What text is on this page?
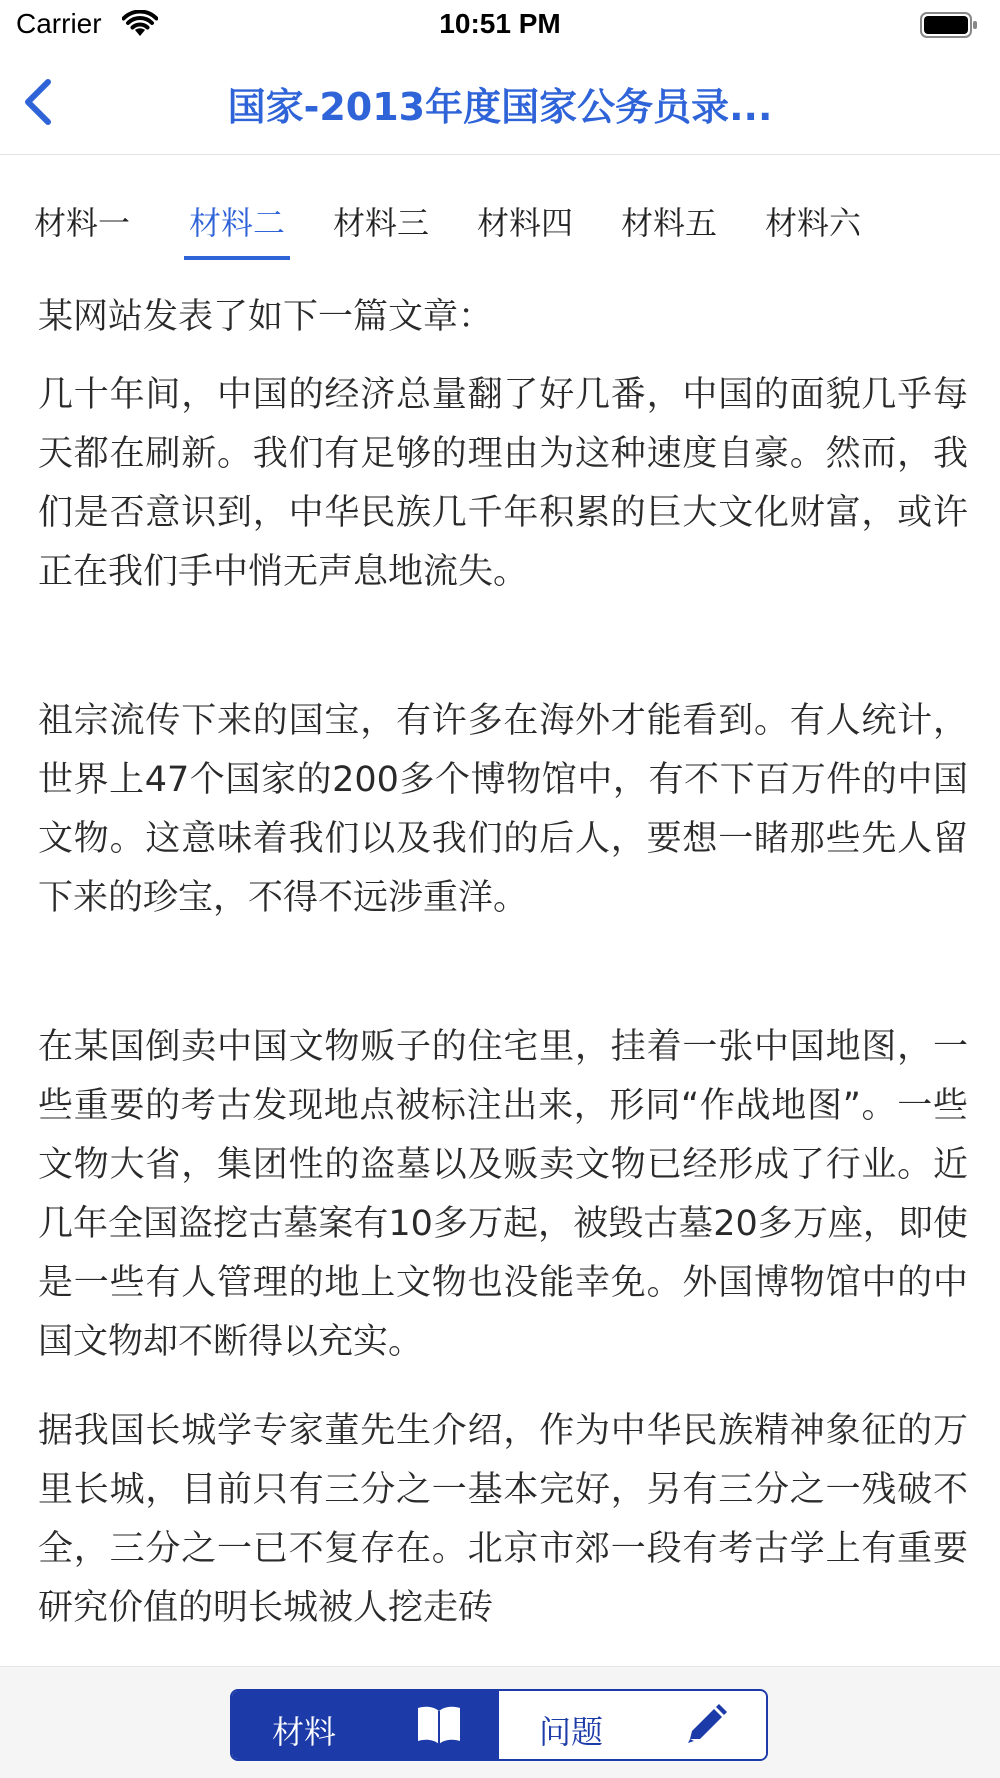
Carrier	10:51 PM
国家-2013年度国家公务员录...
材料一	材料二	材料三	材料四	材料五	材料六

某网站发表了如下一篇文章：

几十年间，中国的经济总量翻了好几番，中国的面貌几乎每天都在刷新。我们有足够的理由为这种速度自豪。然而，我们是否意识到，中华民族几千年积累的巨大文化财富，或许正在我们手中悄无声息地流失。

祖宗流传下来的国宝，有许多在海外才能看到。有人统计，世界上47个国家的200多个博物馆中，有不下百万件的中国文物。这意味着我们以及我们的后人，要想一睹那些先人留下来的珍宝，不得不远涉重洋。

在某国倒卖中国文物贩子的住宅里，挂着一张中国地图，一些重要的考古发现地点被标注出来，形同“作战地图”。一些文物大省，集团性的盗墓以及贩卖文物已经形成了行业。近几年全国盗挖古墓案有10多万起，被毁古墓20多万座，即使是一些有人管理的地上文物也没能幸免。外国博物馆中的中国文物却不断得以充实。

据我国长城学专家董先生介绍，作为中华民族精神象征的万里长城，目前只有三分之一基本完好，另有三分之一残破不全，三分之一已不复存在。北京市郊一段有考古学上有重要研究价值的明长城被人挖走砖

材料	问题
